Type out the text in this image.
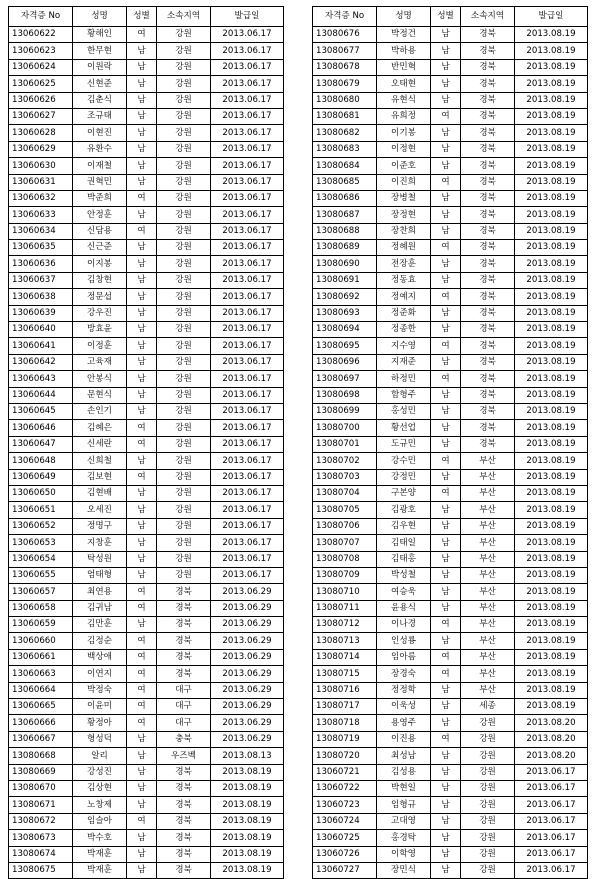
자격증 No	성명	성별	소속지역	발급일
13060622	황해인	여	강원	2013.06.17
13060623	한무현	남	강원	2013.06.17
13060624	이원락	남	강원	2013.06.17
13060625	신현준	남	강원	2013.06.17
13060626	김춘식	남	강원	2013.06.17
13060627	조규태	남	강원	2013.06.17
13060628	이현진	남	강원	2013.06.17
13060629	유환수	남	강원	2013.06.17
13060630	이재철	남	강원	2013.06.17
13060631	권혁민	남	강원	2013.06.17
13060632	박준희	여	강원	2013.06.17
13060633	안정훈	남	강원	2013.06.17
13060634	신담용	여	강원	2013.06.17
13060635	신근준	남	강원	2013.06.17
13060636	이지봉	남	강원	2013.06.17
13060637	김창현	남	강원	2013.06.17
13060638	정문섭	남	강원	2013.06.17
13060639	강우진	남	강원	2013.06.17
13060640	방효윤	남	강원	2013.06.17
13060641	이정훈	남	강원	2013.06.17
13060642	고육재	남	강원	2013.06.17
13060643	안봉식	남	강원	2013.06.17
13060644	문현식	남	강원	2013.06.17
13060645	손인기	남	강원	2013.06.17
13060646	김혜은	여	강원	2013.06.17
13060647	신세란	여	강원	2013.06.17
13060648	신희철	남	강원	2013.06.17
13060649	김보현	여	강원	2013.06.17
13060650	김현배	남	강원	2013.06.17
13060651	오세진	남	강원	2013.06.17
13060652	정명구	남	강원	2013.06.17
13060653	지창훈	남	강원	2013.06.17
13060654	탁성원	남	강원	2013.06.17
13060655	엄태형	남	강원	2013.06.17
13060657	최연용	여	경북	2013.06.29
13060658	김귀남	여	경북	2013.06.29
13060659	김만훈	남	경북	2013.06.29
13060660	김정순	여	경북	2013.06.29
13060661	백상애	여	경북	2013.06.29
13060663	이연지	여	경북	2013.06.29
13060664	박정숙	여	대구	2013.06.29
13060665	이윤미	여	대구	2013.06.29
13060666	황정아	여	대구	2013.06.29
13060667	형성덕	남	충북	2013.06.29
13080668	알리	남	우즈벡	2013.08.13
13080669	강성진	남	경북	2013.08.19
13080670	김상현	남	경북	2013.08.19
13080671	노창제	남	경북	2013.08.19
13080672	임슬아	여	경북	2013.08.19
13080673	박수호	남	경북	2013.08.19
13080674	박재훈	남	경북	2013.08.19
13080675	박재훈	남	경북	2013.08.19
자격증 No	성명	성별	소속지역	발급일
13080676	박정건	남	경북	2013.08.19
13080677	박하용	남	경북	2013.08.19
13080678	반민혁	남	경북	2013.08.19
13080679	오태현	남	경북	2013.08.19
13080680	유현식	남	경북	2013.08.19
13080681	유희정	여	경북	2013.08.19
13080682	이기봉	남	경북	2013.08.19
13080683	이정현	남	경북	2013.08.19
13080684	이준호	남	경북	2013.08.19
13080685	이진희	여	경북	2013.08.19
13080686	장병철	남	경북	2013.08.19
13080687	장정현	남	경북	2013.08.19
13080688	장찬희	남	경북	2013.08.19
13080689	정혜원	여	경북	2013.08.19
13080690	전장훈	남	경북	2013.08.19
13080691	정동효	남	경북	2013.08.19
13080692	정예지	여	경북	2013.08.19
13080693	정준화	남	경북	2013.08.19
13080694	정종한	남	경북	2013.08.19
13080695	지수영	여	경북	2013.08.19
13080696	지재준	남	경북	2013.08.19
13080697	하정민	여	경북	2013.08.19
13080698	함형주	남	경북	2013.08.19
13080699	홍성민	남	경북	2013.08.19
13080700	황선업	남	경북	2013.08.19
13080701	도규민	남	경북	2013.08.19
13080702	강수민	여	부산	2013.08.19
13080703	강정민	남	부산	2013.08.19
13080704	구본양	여	부산	2013.08.19
13080705	김광호	남	부산	2013.08.19
13080706	김우현	남	부산	2013.08.19
13080707	김태일	남	부산	2013.08.19
13080708	김태홍	남	부산	2013.08.19
13080709	박성철	남	부산	2013.08.19
13080710	여승욱	남	부산	2013.08.19
13080711	윤용식	남	부산	2013.08.19
13080712	이나경	여	부산	2013.08.19
13080713	인성룡	남	부산	2013.08.19
13080714	임아름	여	부산	2013.08.19
13080715	장경숙	여	부산	2013.08.19
13080716	정정학	남	부산	2013.08.19
13080717	이욱성	남	세종	2013.08.19
13080718	용영주	남	강원	2013.08.20
13080719	이진용	여	강원	2013.08.20
13080720	최성남	남	강원	2013.08.20
13060721	김성용	남	강원	2013.06.17
13060722	박현일	남	강원	2013.06.17
13060723	임형규	남	강원	2013.06.17
13060724	고대영	남	강원	2013.06.17
13060725	홍경탁	남	강원	2013.06.17
13060726	이학영	남	강원	2013.06.17
13060727	장민식	남	강원	2013.06.17
